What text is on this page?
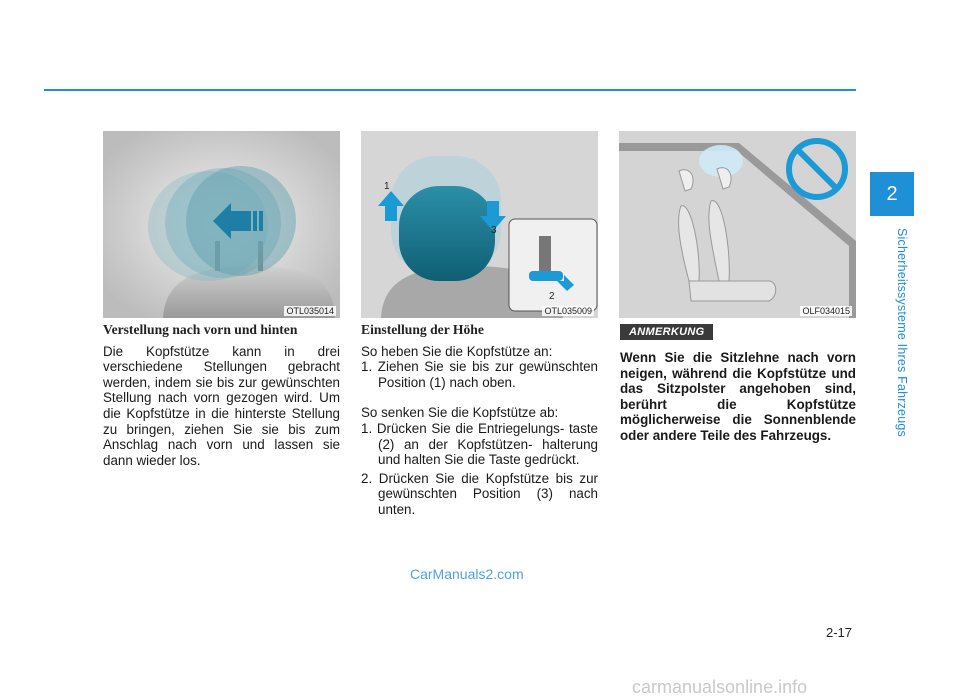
OTL035014
1
3
2
OTL035009	OLF034015

Verstellung nach vorn und hinten

Die Kopfstütze kann in drei verschiedene Stellungen gebracht werden, indem sie bis zur gewünschten Stellung nach vorn gezogen wird. Um die Kopfstütze in die hinterste Stellung zu bringen, ziehen Sie sie bis zum Anschlag nach vorn und lassen sie dann wieder los.

Einstellung der Höhe

So heben Sie die Kopfstütze an:

1. Ziehen Sie sie bis zur gewünschten Position (1) nach oben.

So senken Sie die Kopfstütze ab:

1. Drücken Sie die Entriegelungs- taste (2) an der Kopfstützen- halterung und halten Sie die Taste gedrückt.

2. Drücken Sie die Kopfstütze bis zur gewünschten Position (3) nach unten.

ANMERKUNG
Wenn Sie die Sitzlehne nach vorn neigen, während die Kopfstütze und das Sitzpolster angehoben sind, berührt die Kopfstütze möglicherweise die Sonnenblende oder andere Teile des Fahrzeugs.
CarManuals2.com
2
Sicherheitssysteme Ihres Fahrzeugs
2-17
carmanualsonline.info
